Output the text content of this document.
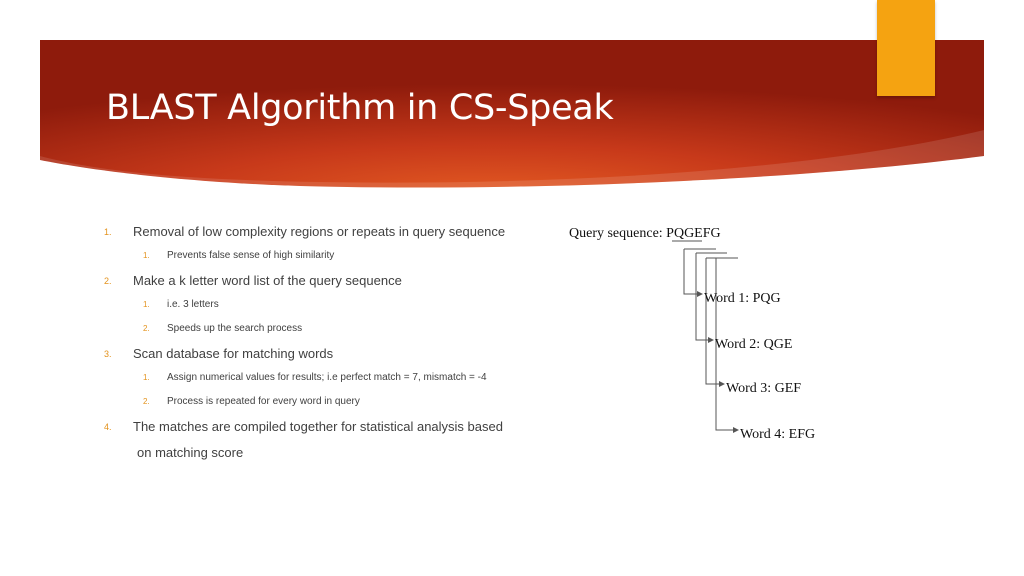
BLAST Algorithm in CS-Speak
1. Removal of low complexity regions or repeats in query sequence
1. Prevents false sense of high similarity
2. Make a k letter word list of the query sequence
1. i.e. 3 letters
2. Speeds up the search process
3. Scan database for matching words
1. Assign numerical values for results; i.e perfect match = 7, mismatch = -4
2. Process is repeated for every word in query
4. The matches are compiled together for statistical analysis based
on matching score
Query sequence: PQGEFG
Word 1: PQG
Word 2: QGE
Word 3: GEF
Word 4: EFG
